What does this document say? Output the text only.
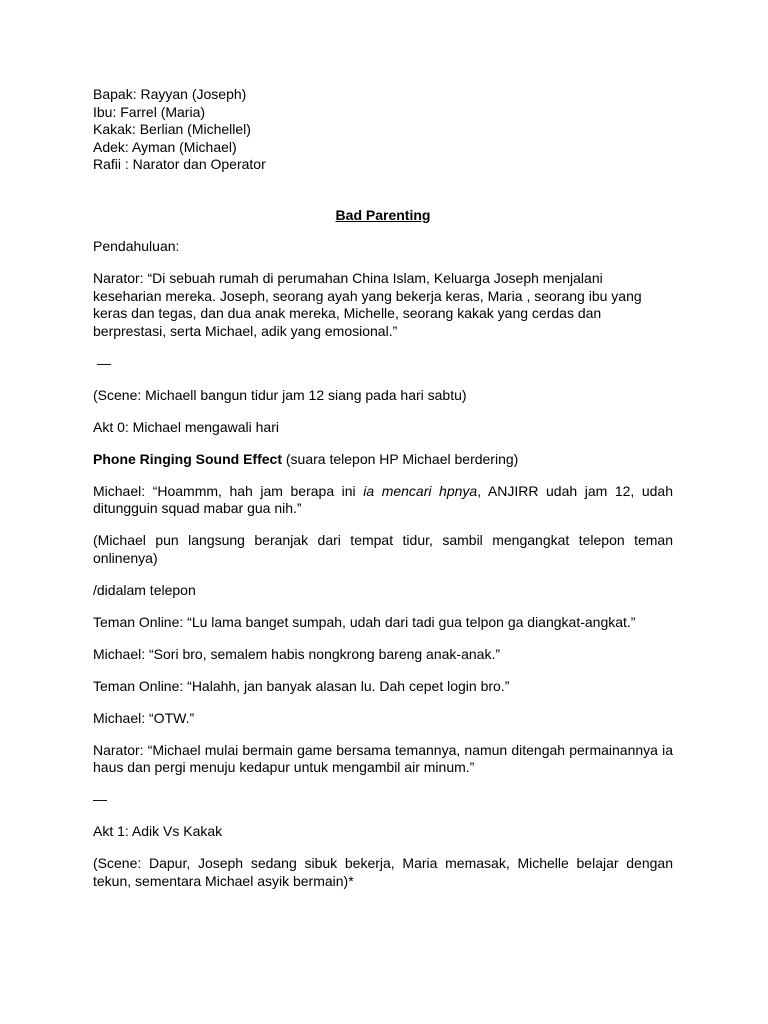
Bapak: Rayyan (Joseph)
Ibu: Farrel (Maria)
Kakak: Berlian (Michellel)
Adek: Ayman (Michael)
Rafii : Narator dan Operator

Bad Parenting

Pendahuluan:

Narator: “Di sebuah rumah di perumahan China Islam, Keluarga Joseph menjalani keseharian mereka. Joseph, seorang ayah yang bekerja keras, Maria , seorang ibu yang keras dan tegas, dan dua anak mereka, Michelle, seorang kakak yang cerdas dan berprestasi, serta Michael, adik yang emosional.”

—

(Scene: Michaell bangun tidur jam 12 siang pada hari sabtu)

Akt 0: Michael mengawali hari

Phone Ringing Sound Effect (suara telepon HP Michael berdering)

Michael: “Hoammm, hah jam berapa ini ia mencari hpnya, ANJIRR udah jam 12, udah ditungguin squad mabar gua nih.”

(Michael pun langsung beranjak dari tempat tidur, sambil mengangkat telepon teman onlinenya)

/didalam telepon

Teman Online: “Lu lama banget sumpah, udah dari tadi gua telpon ga diangkat-angkat.”

Michael: “Sori bro, semalem habis nongkrong bareng anak-anak.”

Teman Online: “Halahh, jan banyak alasan lu. Dah cepet login bro.”

Michael: “OTW.”

Narator: “Michael mulai bermain game bersama temannya, namun ditengah permainannya ia haus dan pergi menuju kedapur untuk mengambil air minum.”

—

Akt 1: Adik Vs Kakak

(Scene: Dapur, Joseph sedang sibuk bekerja, Maria memasak, Michelle belajar dengan tekun, sementara Michael asyik bermain)*
